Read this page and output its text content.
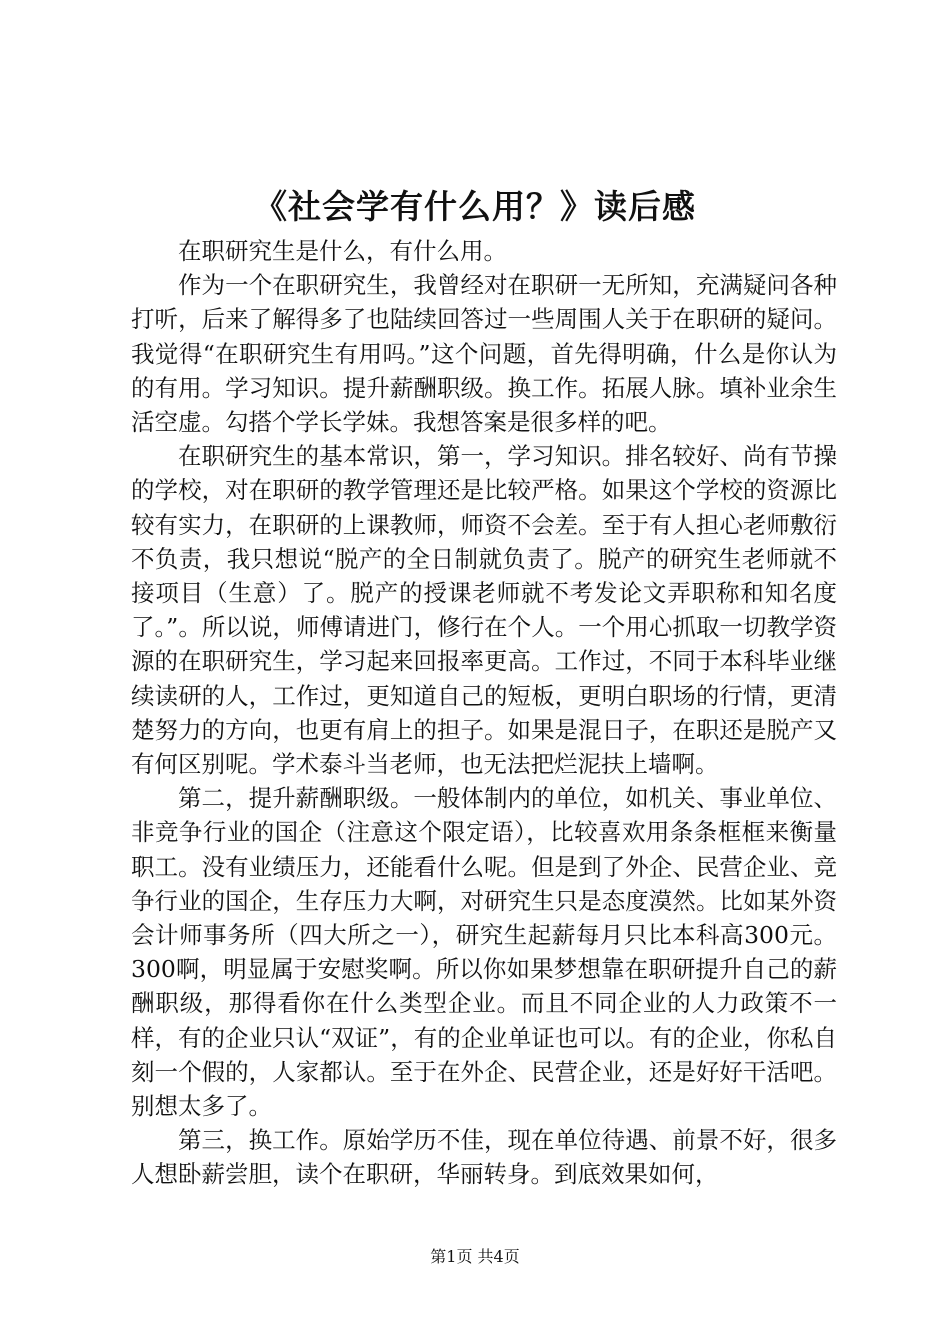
《社会学有什么用？》读后感

在职研究生是什么，有什么用。

作为一个在职研究生，我曾经对在职研一无所知，充满疑问各种打听，后来了解得多了也陆续回答过一些周围人关于在职研的疑问。我觉得“在职研究生有用吗。”这个问题，首先得明确，什么是你认为的有用。学习知识。提升薪酬职级。换工作。拓展人脉。填补业余生活空虚。勾搭个学长学妹。我想答案是很多样的吧。

在职研究生的基本常识，第一，学习知识。排名较好、尚有节操的学校，对在职研的教学管理还是比较严格。如果这个学校的资源比较有实力，在职研的上课教师，师资不会差。至于有人担心老师敷衍不负责，我只想说“脱产的全日制就负责了。脱产的研究生老师就不接项目（生意）了。脱产的授课老师就不考发论文弄职称和知名度了。”。所以说，师傅请进门，修行在个人。一个用心抓取一切教学资源的在职研究生，学习起来回报率更高。工作过，不同于本科毕业继续读研的人，工作过，更知道自己的短板，更明白职场的行情，更清楚努力的方向，也更有肩上的担子。如果是混日子，在职还是脱产又有何区别呢。学术泰斗当老师，也无法把烂泥扶上墙啊。

第二，提升薪酬职级。一般体制内的单位，如机关、事业单位、非竞争行业的国企（注意这个限定语），比较喜欢用条条框框来衡量职工。没有业绩压力，还能看什么呢。但是到了外企、民营企业、竞争行业的国企，生存压力大啊，对研究生只是态度漠然。比如某外资会计师事务所（四大所之一），研究生起薪每月只比本科高300元。300啊，明显属于安慰奖啊。所以你如果梦想靠在职研提升自己的薪酬职级，那得看你在什么类型企业。而且不同企业的人力政策不一样，有的企业只认“双证”，有的企业单证也可以。有的企业，你私自刻一个假的，人家都认。至于在外企、民营企业，还是好好干活吧。别想太多了。

第三，换工作。原始学历不佳，现在单位待遇、前景不好，很多人想卧薪尝胆，读个在职研，华丽转身。到底效果如何，

第1页 共4页
